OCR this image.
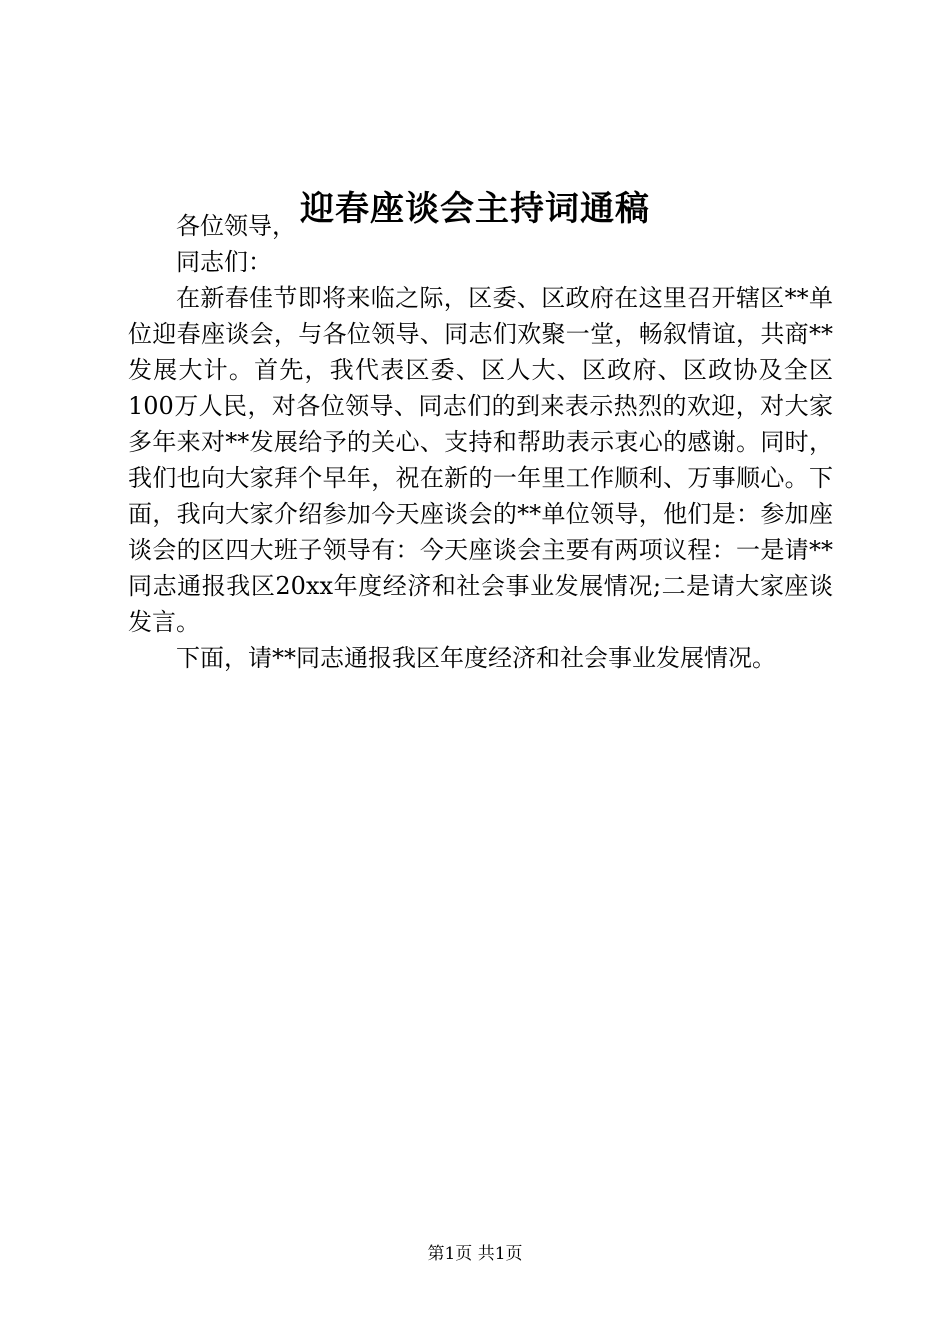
迎春座谈会主持词通稿

各位领导，

同志们：

在新春佳节即将来临之际，区委、区政府在这里召开辖区**单位迎春座谈会，与各位领导、同志们欢聚一堂，畅叙情谊，共商**发展大计。首先，我代表区委、区人大、区政府、区政协及全区100万人民，对各位领导、同志们的到来表示热烈的欢迎，对大家多年来对**发展给予的关心、支持和帮助表示衷心的感谢。同时，我们也向大家拜个早年，祝在新的一年里工作顺利、万事顺心。下面，我向大家介绍参加今天座谈会的**单位领导，他们是：参加座谈会的区四大班子领导有：今天座谈会主要有两项议程：一是请**同志通报我区20xx年度经济和社会事业发展情况;二是请大家座谈发言。

下面，请**同志通报我区年度经济和社会事业发展情况。

第1页 共1页
